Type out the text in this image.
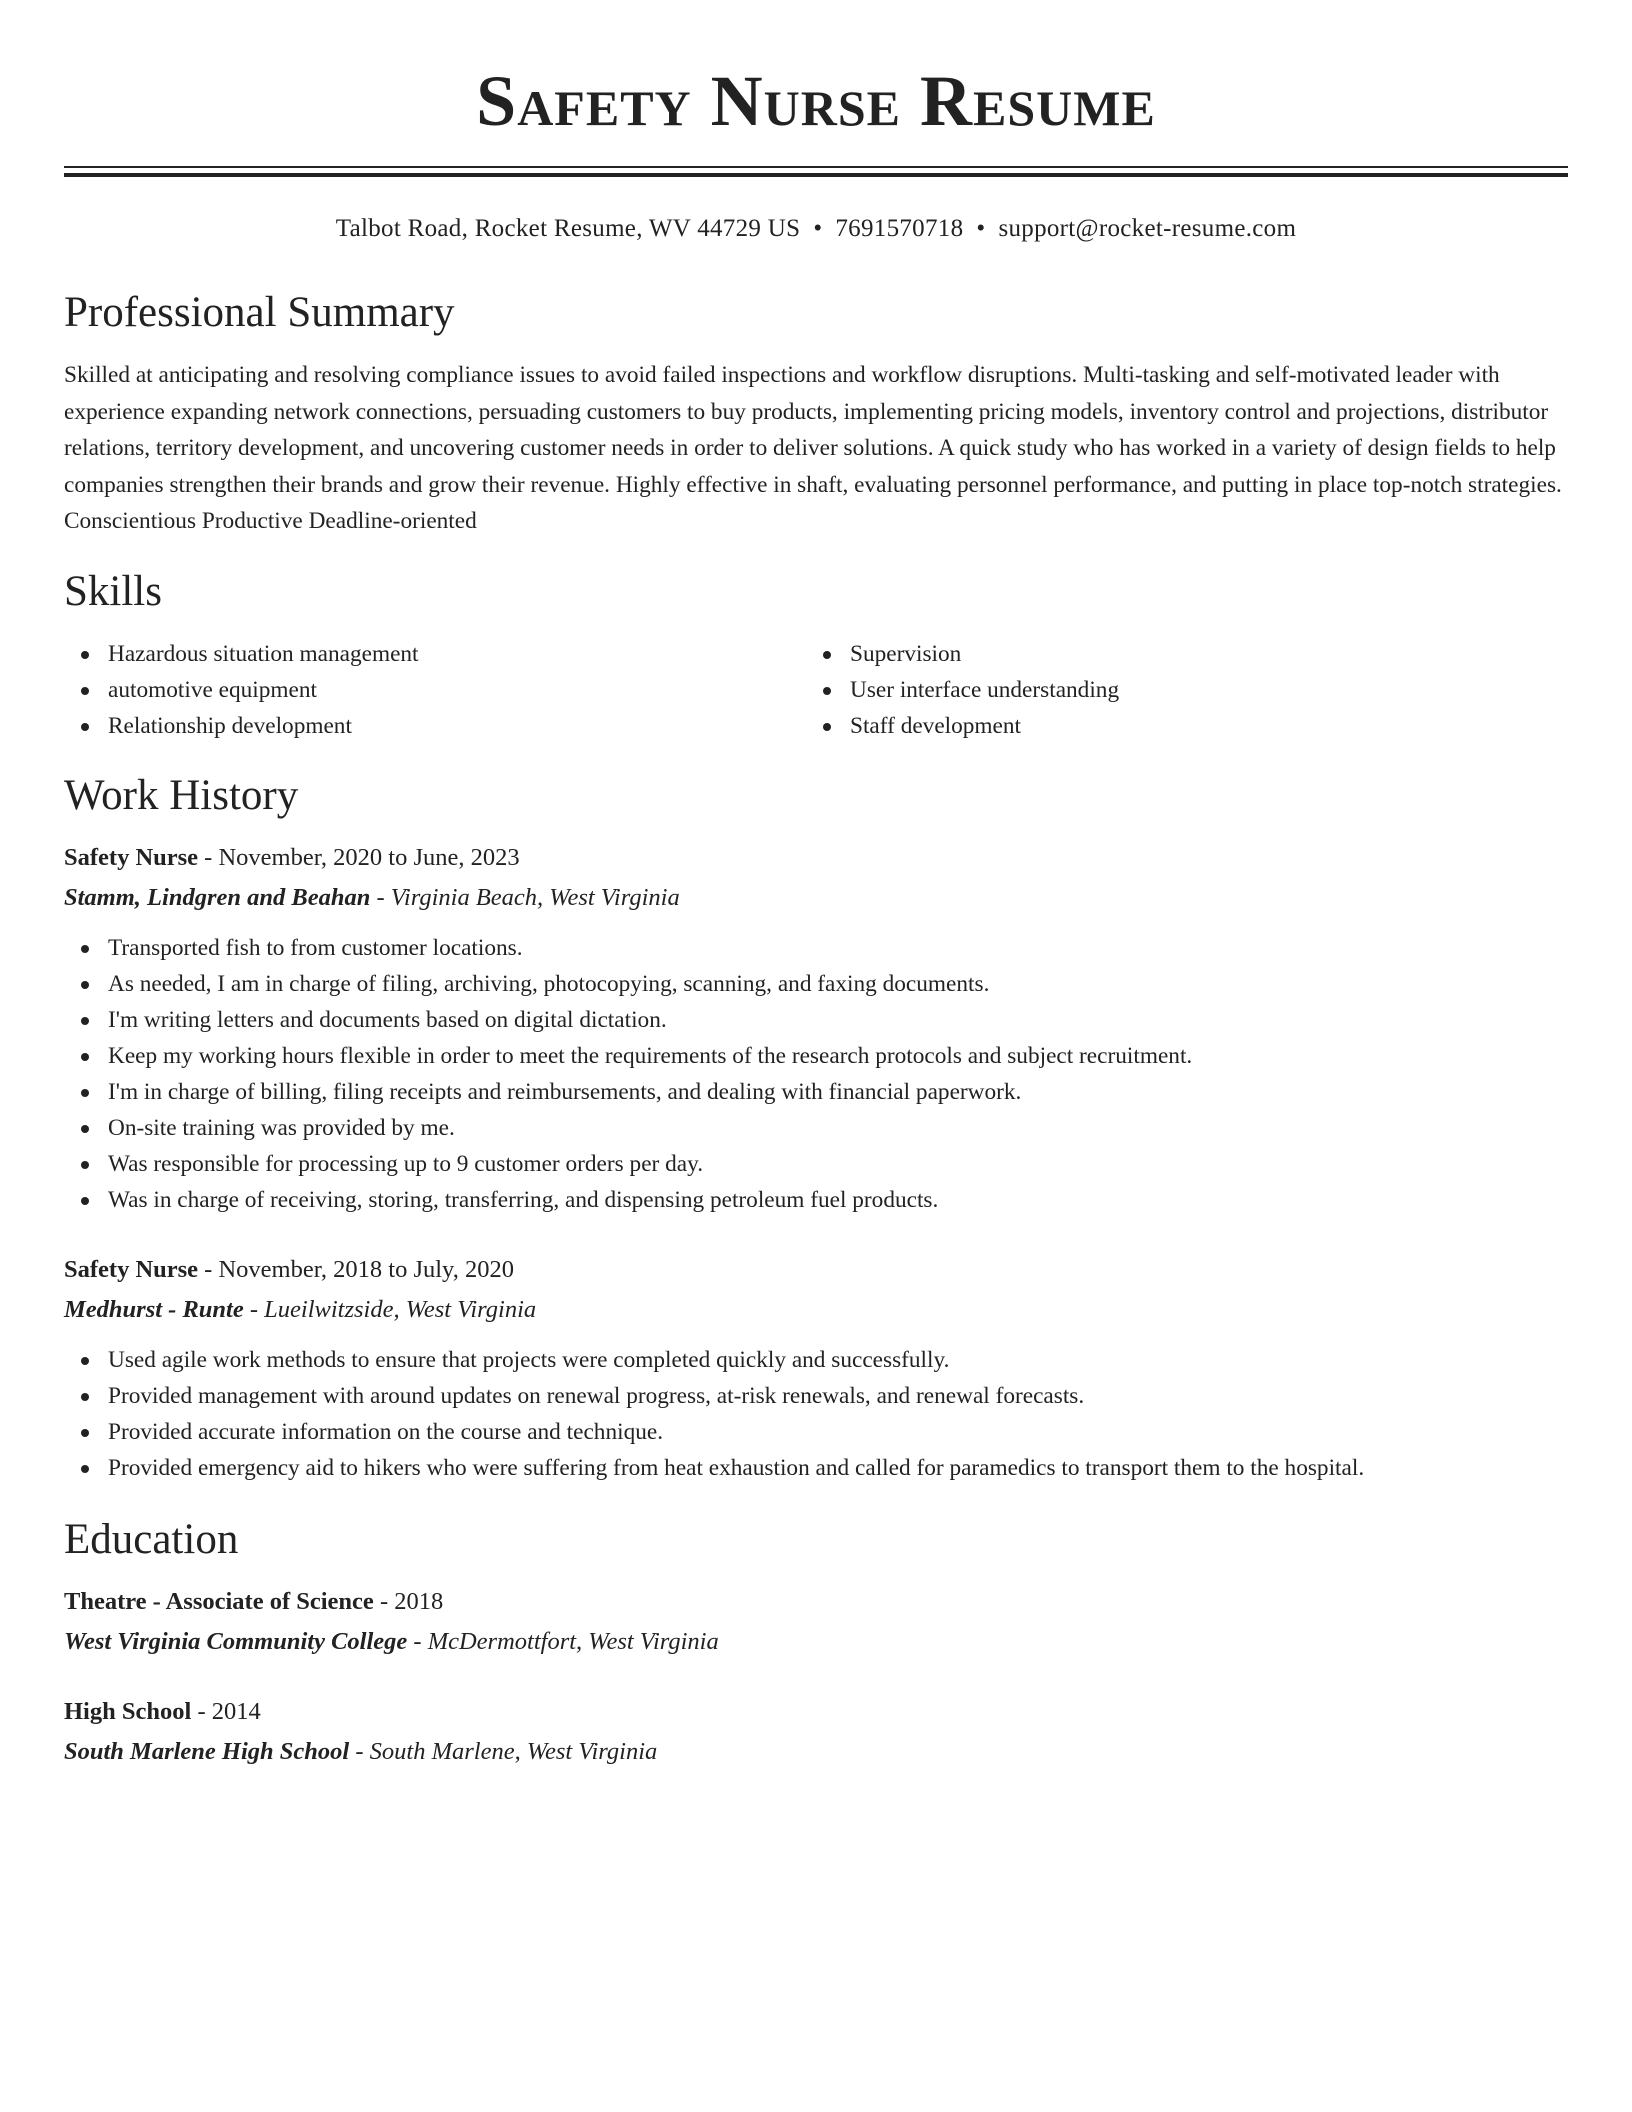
Safety Nurse Resume
Talbot Road, Rocket Resume, WV 44729 US • 7691570718 • support@rocket-resume.com
Professional Summary

Skilled at anticipating and resolving compliance issues to avoid failed inspections and workflow disruptions. Multi-tasking and self-motivated leader with experience expanding network connections, persuading customers to buy products, implementing pricing models, inventory control and projections, distributor relations, territory development, and uncovering customer needs in order to deliver solutions. A quick study who has worked in a variety of design fields to help companies strengthen their brands and grow their revenue. Highly effective in shaft, evaluating personnel performance, and putting in place top-notch strategies. Conscientious Productive Deadline-oriented

Skills
Hazardous situation management
automotive equipment
Relationship development
Supervision
User interface understanding
Staff development
Work History
Safety Nurse - November, 2020 to June, 2023
Stamm, Lindgren and Beahan - Virginia Beach, West Virginia
Transported fish to from customer locations.
As needed, I am in charge of filing, archiving, photocopying, scanning, and faxing documents.
I'm writing letters and documents based on digital dictation.
Keep my working hours flexible in order to meet the requirements of the research protocols and subject recruitment.
I'm in charge of billing, filing receipts and reimbursements, and dealing with financial paperwork.
On-site training was provided by me.
Was responsible for processing up to 9 customer orders per day.
Was in charge of receiving, storing, transferring, and dispensing petroleum fuel products.
Safety Nurse - November, 2018 to July, 2020
Medhurst - Runte - Lueilwitzside, West Virginia
Used agile work methods to ensure that projects were completed quickly and successfully.
Provided management with around updates on renewal progress, at-risk renewals, and renewal forecasts.
Provided accurate information on the course and technique.
Provided emergency aid to hikers who were suffering from heat exhaustion and called for paramedics to transport them to the hospital.
Education
Theatre - Associate of Science - 2018
West Virginia Community College - McDermottfort, West Virginia
High School - 2014
South Marlene High School - South Marlene, West Virginia
